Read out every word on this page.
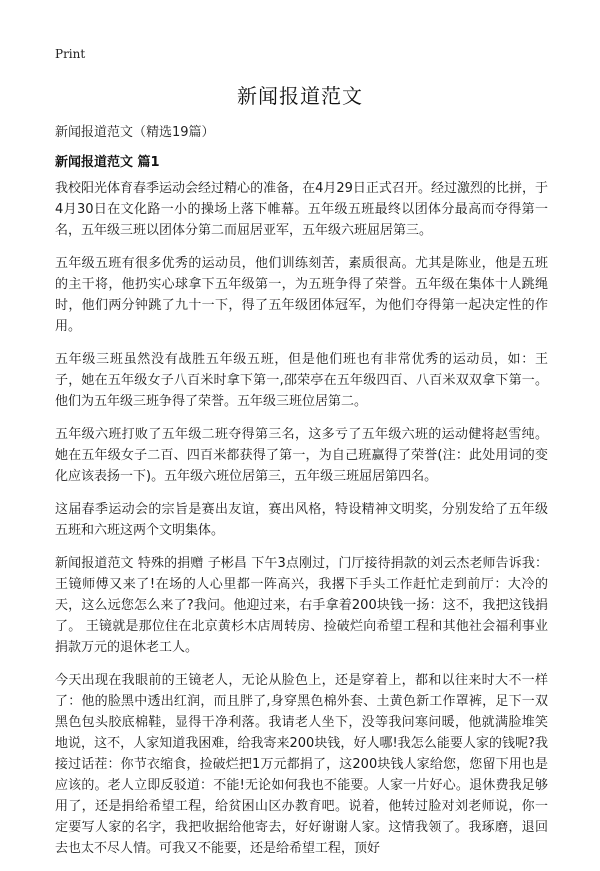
Print
新闻报道范文
新闻报道范文（精选19篇）
新闻报道范文 篇1

我校阳光体育春季运动会经过精心的准备，在4月29日正式召开。经过激烈的比拼，于4月30日在文化路一小的操场上落下帷幕。五年级五班最终以团体分最高而夺得第一名，五年级三班以团体分第二而屈居亚军，五年级六班屈居第三。

五年级五班有很多优秀的运动员，他们训练刻苦，素质很高。尤其是陈业，他是五班的主干将，他扔实心球拿下五年级第一，为五班争得了荣誉。五年级在集体十人跳绳时，他们两分钟跳了九十一下，得了五年级团体冠军，为他们夺得第一起决定性的作用。

五年级三班虽然没有战胜五年级五班，但是他们班也有非常优秀的运动员，如：王子，她在五年级女子八百米时拿下第一,邵荣亭在五年级四百、八百米双双拿下第一。他们为五年级三班争得了荣誉。五年级三班位居第二。

五年级六班打败了五年级二班夺得第三名，这多亏了五年级六班的运动健将赵雪纯。她在五年级女子二百、四百米都获得了第一，为自己班赢得了荣誉(注：此处用词的变化应该表扬一下)。五年级六班位居第三，五年级三班屈居第四名。

这届春季运动会的宗旨是赛出友谊，赛出风格，特设精神文明奖，分别发给了五年级五班和六班这两个文明集体。

新闻报道范文 特殊的捐赠 子彬昌 下午3点刚过，门厅接待捐款的刘云杰老师告诉我：王镜师傅又来了!在场的人心里都一阵高兴，我撂下手头工作赶忙走到前厅：大冷的天，这么远您怎么来了?我问。他迎过来，右手拿着200块钱一扬：这不，我把这钱捐了。 王镜就是那位住在北京黄杉木店周转房、捡破烂向希望工程和其他社会福利事业捐款万元的退休老工人。

今天出现在我眼前的王镜老人，无论从脸色上，还是穿着上，都和以往来时大不一样了：他的脸黑中透出红润，而且胖了,身穿黑色棉外套、土黄色新工作罩裤，足下一双黑色包头胶底棉鞋，显得干净利落。我请老人坐下，没等我问寒问暖，他就满脸堆笑地说，这不，人家知道我困难，给我寄来200块钱，好人哪!我怎么能要人家的钱呢?我接过话茬：你节衣缩食，捡破烂把1万元都捐了，这200块钱人家给您，您留下用也是应该的。老人立即反驳道：不能!无论如何我也不能要。人家一片好心。退休费我足够用了，还是捐给希望工程，给贫困山区办教育吧。说着，他转过脸对刘老师说，你一定要写人家的名字，我把收据给他寄去，好好谢谢人家。这情我领了。我琢磨，退回去也太不尽人情。可我又不能要，还是给希望工程，顶好
